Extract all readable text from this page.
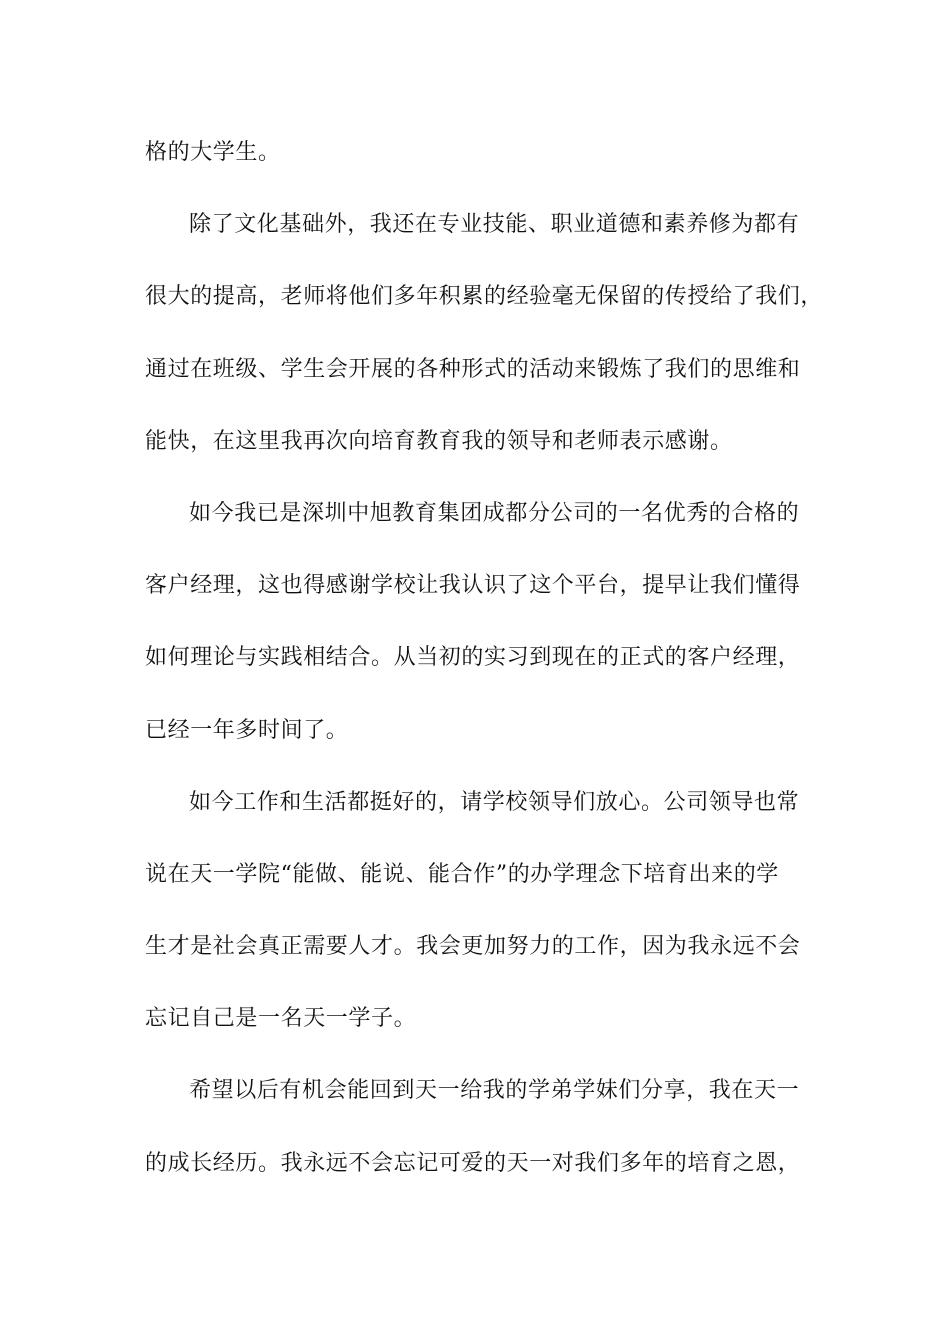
格的大学生。
除了文化基础外，我还在专业技能、职业道德和素养修为都有
很大的提高，老师将他们多年积累的经验毫无保留的传授给了我们，
通过在班级、学生会开展的各种形式的活动来锻炼了我们的思维和
能快，在这里我再次向培育教育我的领导和老师表示感谢。
如今我已是深圳中旭教育集团成都分公司的一名优秀的合格的
客户经理，这也得感谢学校让我认识了这个平台，提早让我们懂得
如何理论与实践相结合。从当初的实习到现在的正式的客户经理，
已经一年多时间了。
如今工作和生活都挺好的，请学校领导们放心。公司领导也常
说在天一学院“能做、能说、能合作”的办学理念下培育出来的学
生才是社会真正需要人才。我会更加努力的工作，因为我永远不会
忘记自己是一名天一学子。
希望以后有机会能回到天一给我的学弟学妹们分享，我在天一
的成长经历。我永远不会忘记可爱的天一对我们多年的培育之恩，
